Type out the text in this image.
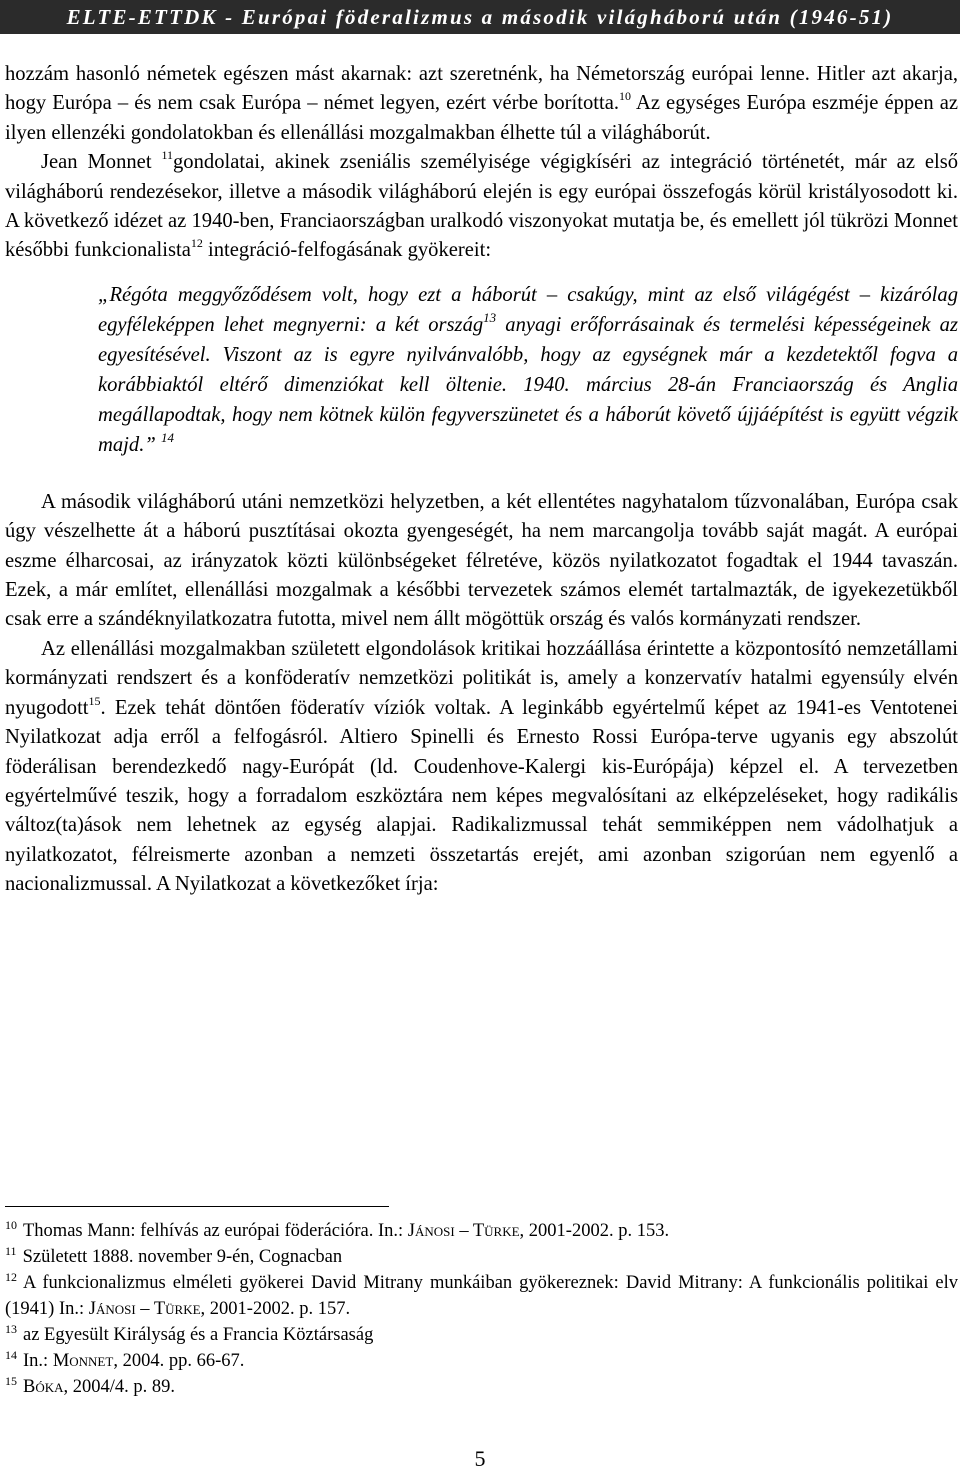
ELTE-ETTDK - Európai föderalizmus a második világháború után (1946-51)

hozzám hasonló németek egészen mást akarnak: azt szeretnénk, ha Németország európai lenne. Hitler azt akarja, hogy Európa – és nem csak Európa – német legyen, ezért vérbe borította.$^{10}$ Az egységes Európa eszméje éppen az ilyen ellenzéki gondolatokban és ellenállási mozgalmakban élhette túl a világháborút.

Jean Monnet $^{11}$gondolatai, akinek zseniális személyisége végigkíséri az integráció történetét, már az első világháború rendezésekor, illetve a második világháború elején is egy európai összefogás körül kristályosodott ki. A következő idézet az 1940-ben, Franciaországban uralkodó viszonyokat mutatja be, és emellett jól tükrözi Monnet későbbi funkcionalista$^{12}$ integráció-felfogásának gyökereit:

„Régóta meggyőződésem volt, hogy ezt a háborút – csakúgy, mint az első világégést – kizárólag egyféleképpen lehet megnyerni: a két ország$^{13}$ anyagi erőforrásainak és termelési képességeinek az egyesítésével. Viszont az is egyre nyilvánvalóbb, hogy az egységnek már a kezdetektől fogva a korábbiaktól eltérő dimenziókat kell öltenie. 1940. március 28-án Franciaország és Anglia megállapodtak, hogy nem kötnek külön fegyverszünetet és a háborút követő újjáépítést is együtt végzik majd.” $^{14}$

A második világháború utáni nemzetközi helyzetben, a két ellentétes nagyhatalom tűzvonalában, Európa csak úgy vészelhette át a háború pusztításai okozta gyengeségét, ha nem marcangolja tovább saját magát. A európai eszme élharcosai, az irányzatok közti különbségeket félretéve, közös nyilatkozatot fogadtak el 1944 tavaszán. Ezek, a már említet, ellenállási mozgalmak a későbbi tervezetek számos elemét tartalmazták, de igyekezetükből csak erre a szándéknyilatkozatra futotta, mivel nem állt mögöttük ország és valós kormányzati rendszer.

Az ellenállási mozgalmakban született elgondolások kritikai hozzáállása érintette a központosító nemzetállami kormányzati rendszert és a konföderatív nemzetközi politikát is, amely a konzervatív hatalmi egyensúly elvén nyugodott$^{15}$. Ezek tehát döntően föderatív víziók voltak. A leginkább egyértelmű képet az 1941-es Ventotenei Nyilatkozat adja erről a felfogásról. Altiero Spinelli és Ernesto Rossi Európa-terve ugyanis egy abszolút föderálisan berendezkedő nagy-Európát (ld. Coudenhove-Kalergi kis-Európája) képzel el. A tervezetben egyértelművé teszik, hogy a forradalom eszköztára nem képes megvalósítani az elképzeléseket, hogy radikális változ(ta)ások nem lehetnek az egység alapjai. Radikalizmussal tehát semmiképpen nem vádolhatjuk a nyilatkozatot, félreismerte azonban a nemzeti összetartás erejét, ami azonban szigorúan nem egyenlő a nacionalizmussal. A Nyilatkozat a következőket írja:

$^{10}$ Thomas Mann: felhívás az európai föderációra. In.: Jánosi – Türke, 2001-2002. p. 153.
$^{11}$ Született 1888. november 9-én, Cognacban
$^{12}$ A funkcionalizmus elméleti gyökerei David Mitrany munkáiban gyökereznek: David Mitrany: A funkcionális politikai elv (1941) In.: Jánosi – Türke, 2001-2002. p. 157.
$^{13}$ az Egyesült Királyság és a Francia Köztársaság
$^{14}$ In.: Monnet, 2004. pp. 66-67.
$^{15}$ Bóka, 2004/4. p. 89.
5
